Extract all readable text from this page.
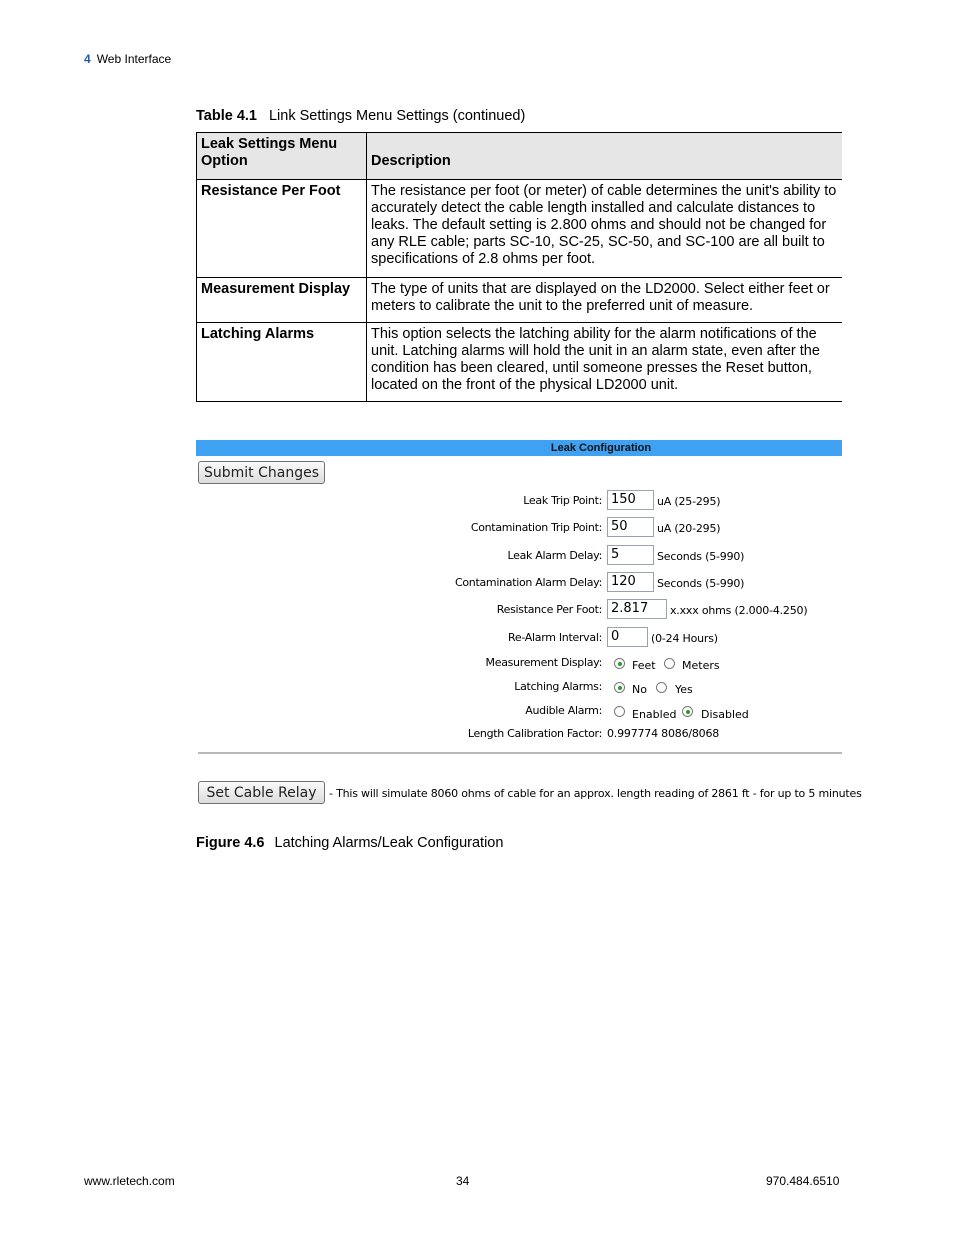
4 Web Interface
Table 4.1 Link Settings Menu Settings (continued)
Leak Settings Menu Option	Description
Resistance Per Foot	The resistance per foot (or meter) of cable determines the unit's ability to accurately detect the cable length installed and calculate distances to leaks. The default setting is 2.800 ohms and should not be changed for any RLE cable; parts SC-10, SC-25, SC-50, and SC-100 are all built to specifications of 2.8 ohms per foot.
Measurement Display	The type of units that are displayed on the LD2000. Select either feet or meters to calibrate the unit to the preferred unit of measure.
Latching Alarms	This option selects the latching ability for the alarm notifications of the unit. Latching alarms will hold the unit in an alarm state, even after the condition has been cleared, until someone presses the Reset button, located on the front of the physical LD2000 unit.
Leak Configuration
Submit Changes
Leak Trip Point: 150	uA (25-295)
Contamination Trip Point: 50	uA (20-295)
Leak Alarm Delay: 5	Seconds (5-990)
Contamination Alarm Delay: 120	Seconds (5-990)
Resistance Per Foot: 2.817	x.xxx ohms (2.000-4.250)
Re-Alarm Interval: 0	(0-24 Hours)
Measurement Display:	Feet Meters
Latching Alarms:	No	Yes
Audible Alarm:	Enabled Disabled
Length Calibration Factor: 0.997774 8086/8068
Set Cable Relay	- This will simulate 8060 ohms of cable for an approx. length reading of 2861 ft - for up to 5 minutes
Figure 4.6 Latching Alarms/Leak Configuration
www.rletech.com	34	970.484.6510
